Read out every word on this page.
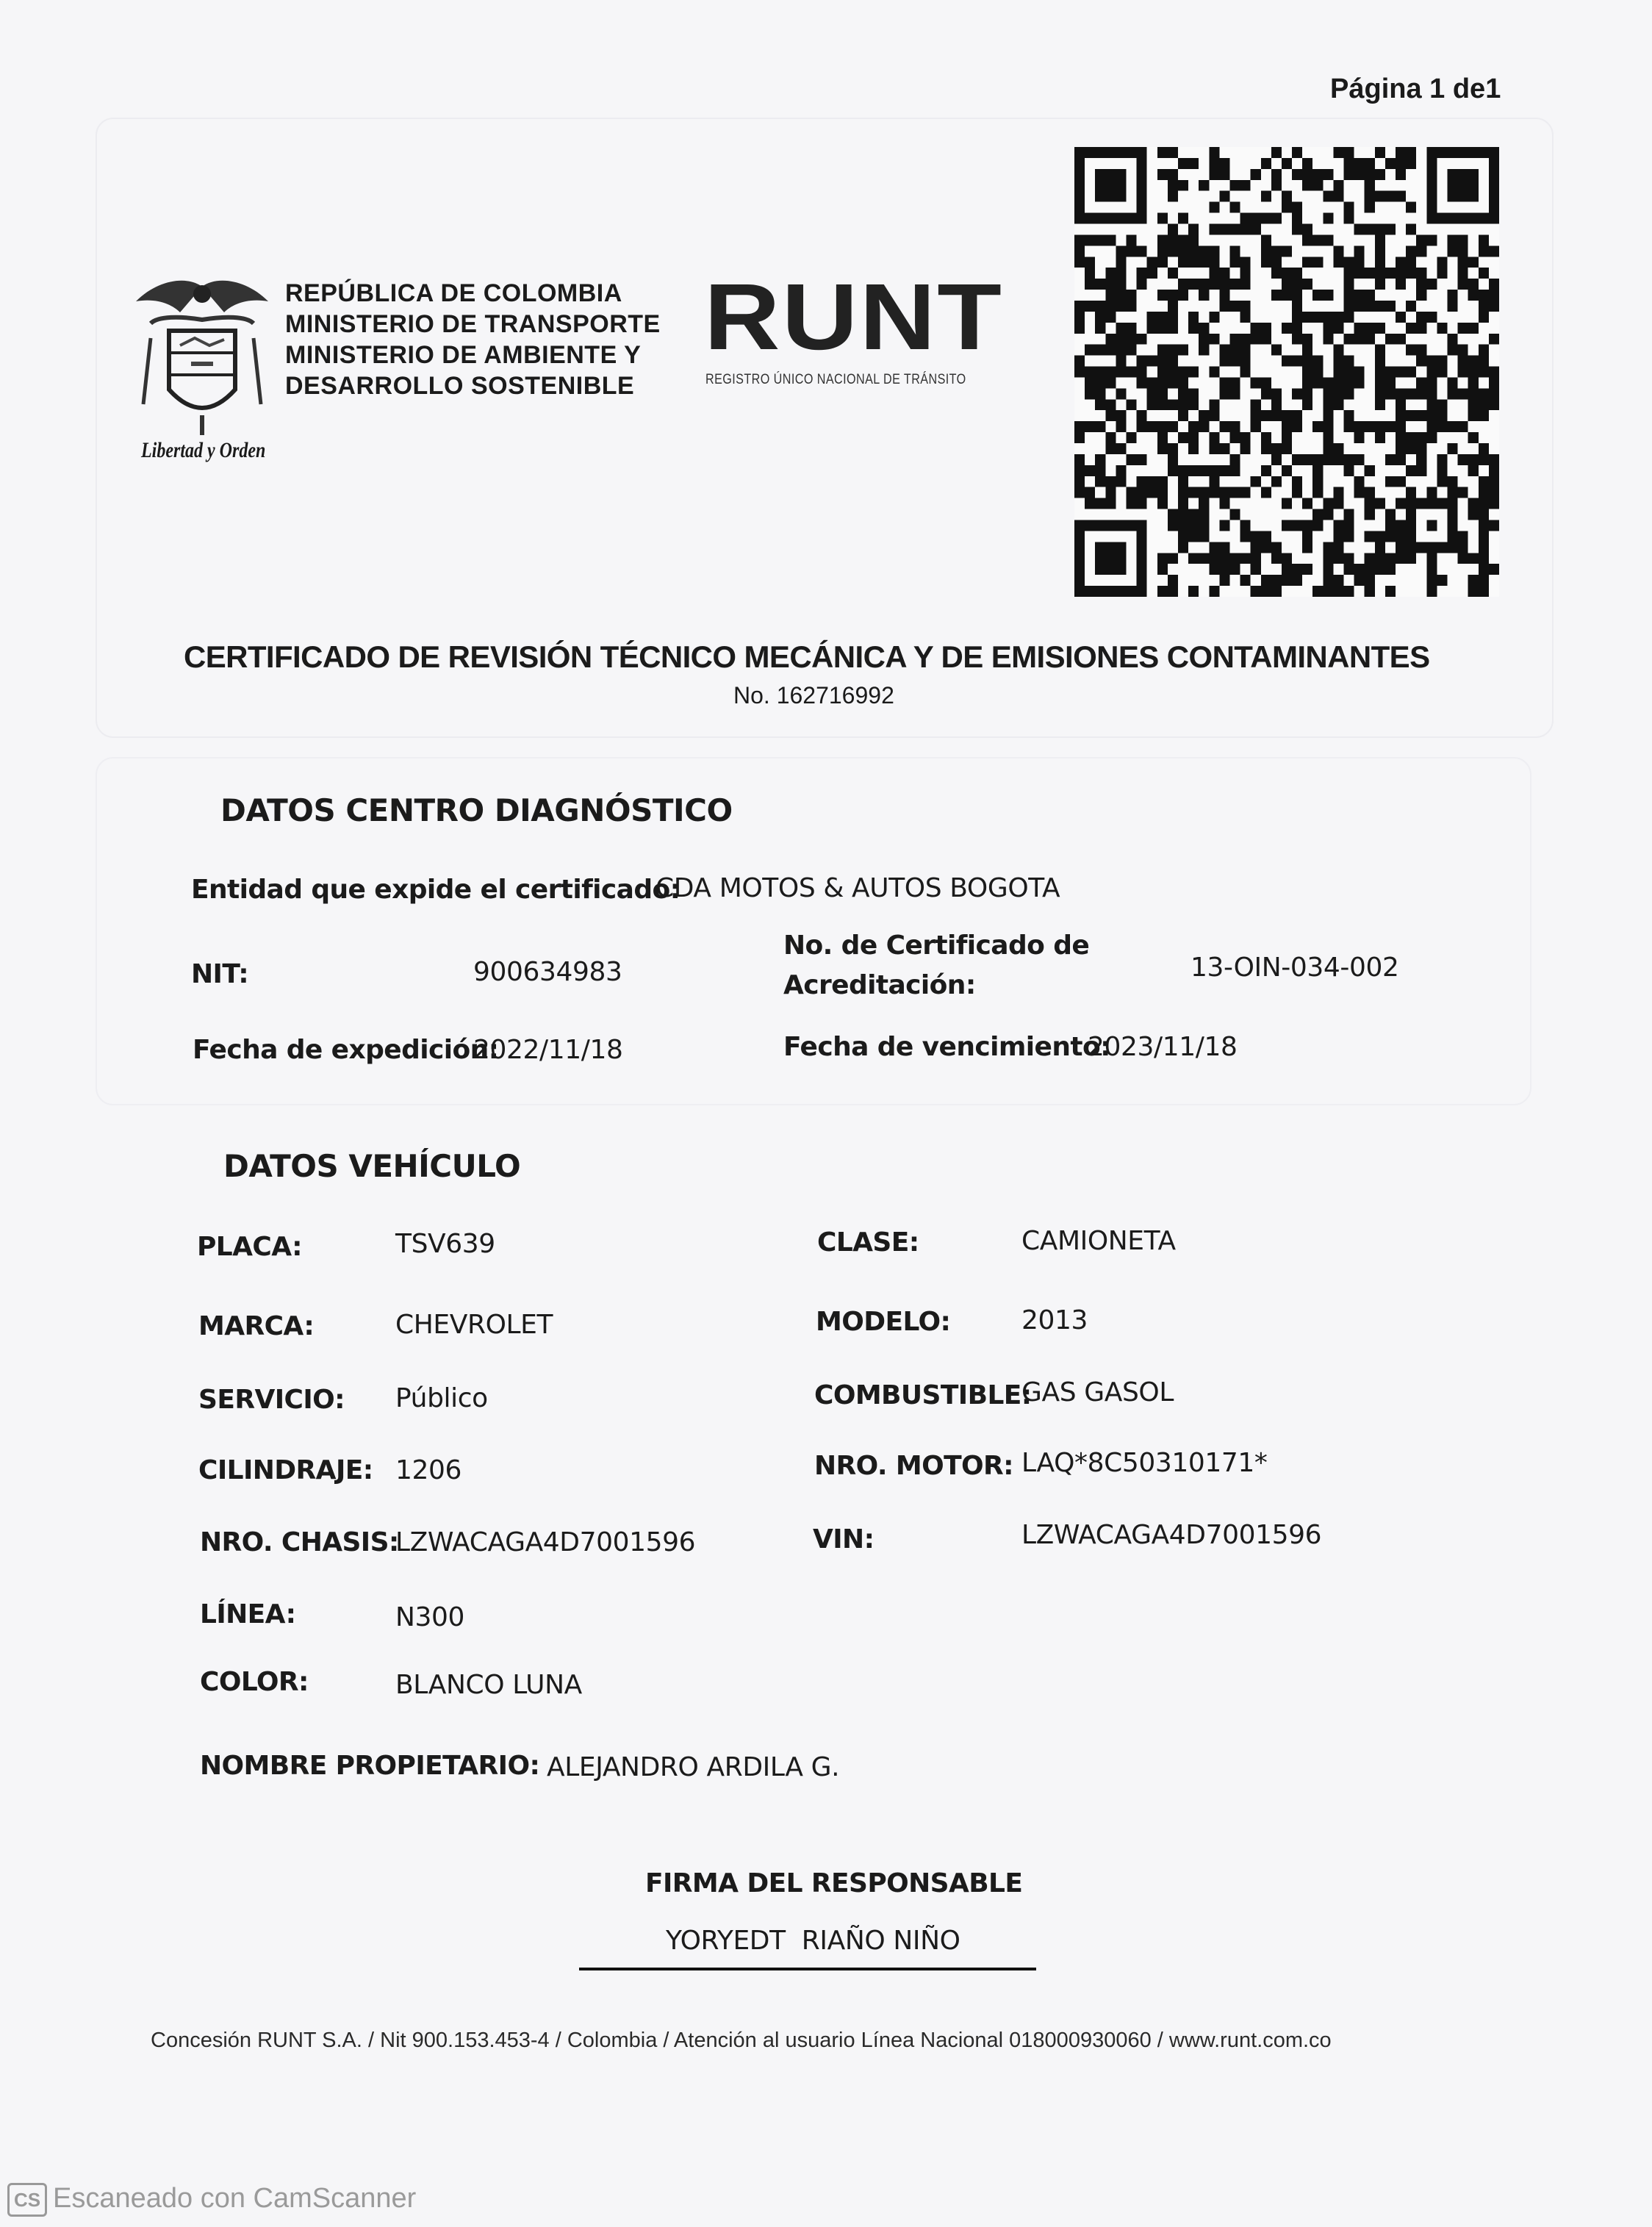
Página 1 de1
Libertad y Orden
REPÚBLICA DE COLOMBIA
MINISTERIO DE TRANSPORTE
MINISTERIO DE AMBIENTE Y
DESARROLLO SOSTENIBLE
RUNT
REGISTRO ÚNICO NACIONAL DE TRÁNSITO
CERTIFICADO DE REVISIÓN TÉCNICO MECÁNICA Y DE EMISIONES CONTAMINANTES
No. 162716992
DATOS CENTRO DIAGNÓSTICO
Entidad que expide el certificado:
CDA MOTOS & AUTOS BOGOTA
NIT:	900634983
No. de Certificado de
Acreditación:
13-OIN-034-002
Fecha de expedición:
2022/11/18	Fecha de vencimiento:
2023/11/18
DATOS VEHÍCULO
PLACA:	TSV639	CLASE:	CAMIONETA
MARCA:	CHEVROLET	MODELO:	2013
SERVICIO: Público	COMBUSTIBLE:
GAS GASOL
CILINDRAJE: 1206	NRO. MOTOR: LAQ*8C50310171*
NRO. CHASIS:
LZWACAGA4D7001596	VIN:	LZWACAGA4D7001596
LÍNEA:	N300
COLOR:	BLANCO LUNA
NOMBRE PROPIETARIO: ALEJANDRO ARDILA G.
FIRMA DEL RESPONSABLE
YORYEDT  RIAÑO NIÑO
Concesión RUNT S.A. / Nit 900.153.453-4 / Colombia / Atención al usuario Línea Nacional 018000930060 / www.runt.com.co
CS Escaneado con CamScanner
